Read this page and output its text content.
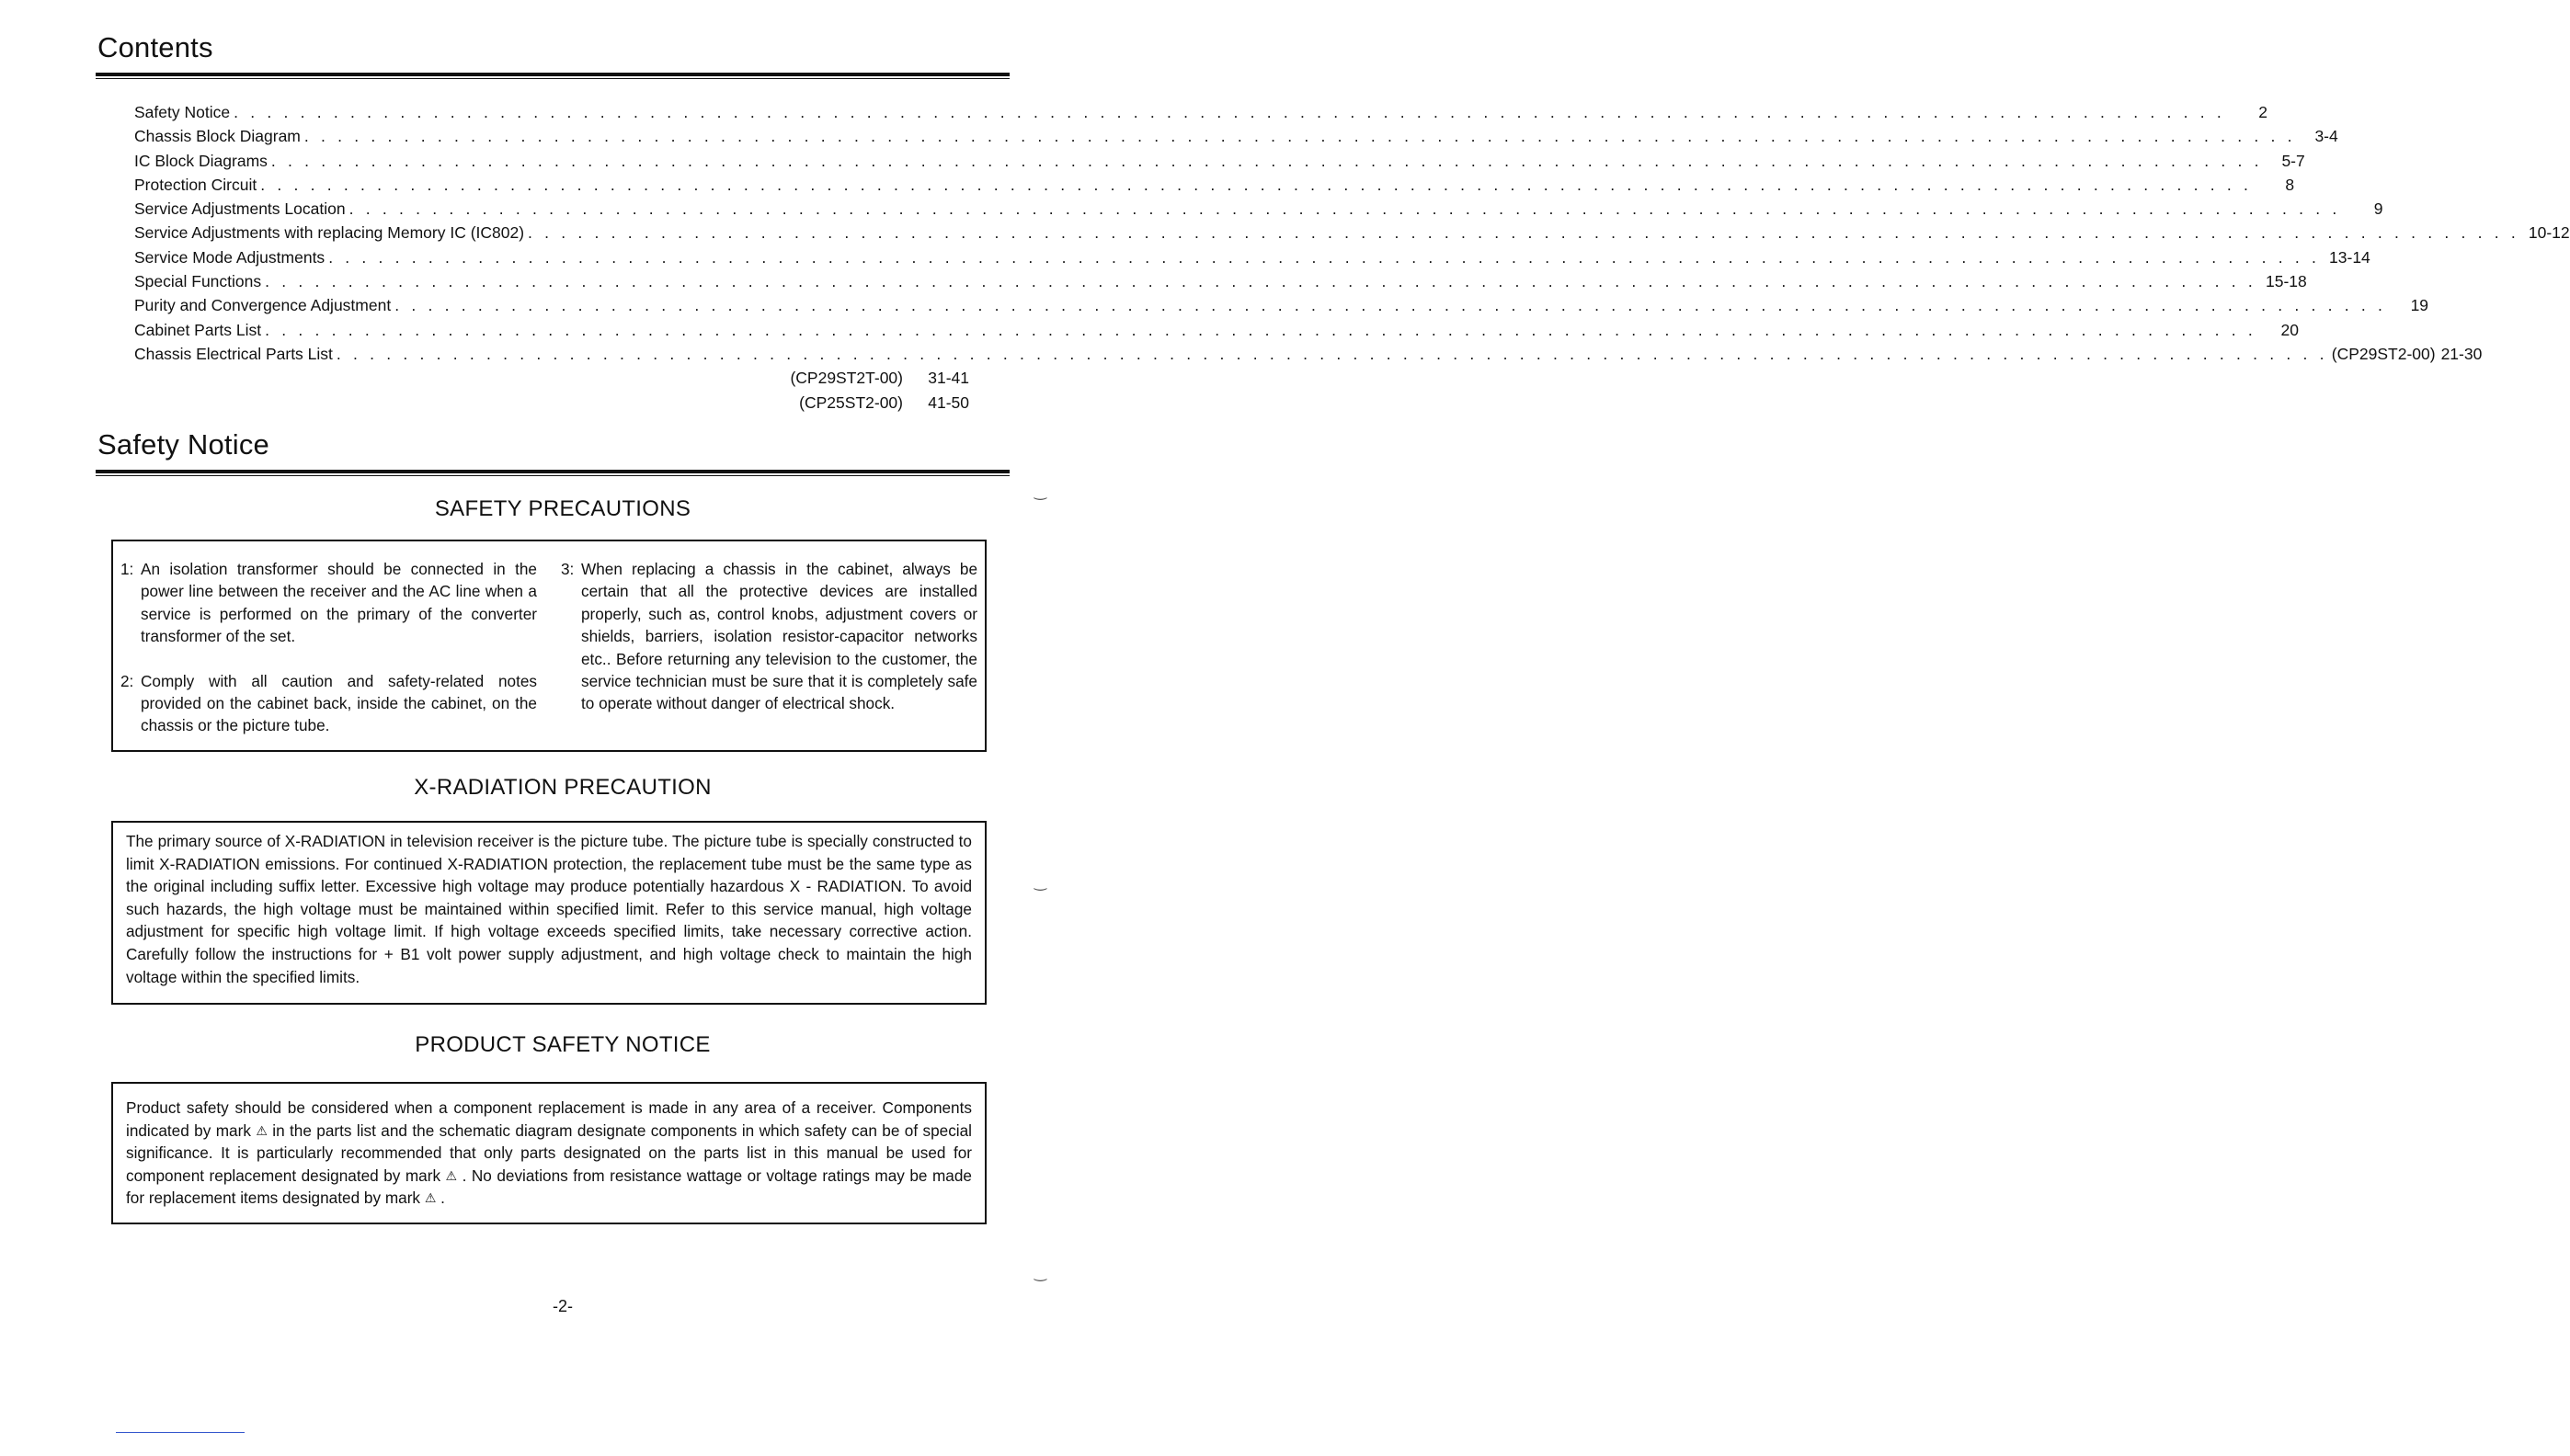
Contents
Safety Notice . . . . . . . . . . . . . . . . . . . . . . . . . . . . . . . . . . . . . . . . . . . . . . . . . . . . . . . . . . . . . . . . . . . . . . . . . . . . . . . . . . . . . . . . . . . . . . . . . . . . . . . . . . . . . . . . . . . . . . . .	2
Chassis Block Diagram . . . . . . . . . . . . . . . . . . . . . . . . . . . . . . . . . . . . . . . . . . . . . . . . . . . . . . . . . . . . . . . . . . . . . . . . . . . . . . . . . . . . . . . . . . . . . . . . . . . . . . . . . . . . . . . . . . . . . . . .	3-4
IC Block Diagrams . . . . . . . . . . . . . . . . . . . . . . . . . . . . . . . . . . . . . . . . . . . . . . . . . . . . . . . . . . . . . . . . . . . . . . . . . . . . . . . . . . . . . . . . . . . . . . . . . . . . . . . . . . . . . . . . . . . . . . . .	5-7
Protection Circuit . . . . . . . . . . . . . . . . . . . . . . . . . . . . . . . . . . . . . . . . . . . . . . . . . . . . . . . . . . . . . . . . . . . . . . . . . . . . . . . . . . . . . . . . . . . . . . . . . . . . . . . . . . . . . . . . . . . . . . . .	8
Service Adjustments Location . . . . . . . . . . . . . . . . . . . . . . . . . . . . . . . . . . . . . . . . . . . . . . . . . . . . . . . . . . . . . . . . . . . . . . . . . . . . . . . . . . . . . . . . . . . . . . . . . . . . . . . . . . . . . . . . . . . . . . . .	9
Service Adjustments with replacing Memory IC (IC802) . . . . . . . . . . . . . . . . . . . . . . . . . . . . . . . . . . . . . . . . . . . . . . . . . . . . . . . . . . . . . . . . . . . . . . . . . . . . . . . . . . . . . . . . . . . . . . . . . . . . . . . . . . . . . . . . . . . . . . . . 10-12
Service Mode Adjustments . . . . . . . . . . . . . . . . . . . . . . . . . . . . . . . . . . . . . . . . . . . . . . . . . . . . . . . . . . . . . . . . . . . . . . . . . . . . . . . . . . . . . . . . . . . . . . . . . . . . . . . . . . . . . . . . . . . . . . . . 13-14
Special Functions . . . . . . . . . . . . . . . . . . . . . . . . . . . . . . . . . . . . . . . . . . . . . . . . . . . . . . . . . . . . . . . . . . . . . . . . . . . . . . . . . . . . . . . . . . . . . . . . . . . . . . . . . . . . . . . . . . . . . . . . 15-18
Purity and Convergence Adjustment . . . . . . . . . . . . . . . . . . . . . . . . . . . . . . . . . . . . . . . . . . . . . . . . . . . . . . . . . . . . . . . . . . . . . . . . . . . . . . . . . . . . . . . . . . . . . . . . . . . . . . . . . . . . . . . . . . . . . . . .	19
Cabinet Parts List . . . . . . . . . . . . . . . . . . . . . . . . . . . . . . . . . . . . . . . . . . . . . . . . . . . . . . . . . . . . . . . . . . . . . . . . . . . . . . . . . . . . . . . . . . . . . . . . . . . . . . . . . . . . . . . . . . . . . . . .	20
Chassis Electrical Parts List . . . . . . . . . . . . . . . . . . . . . . . . . . . . . . . . . . . . . . . . . . . . . . . . . . . . . . . . . . . . . . . . . . . . . . . . . . . . . . . . . . . . . . . . . . . . . . . . . . . . . . . . . . . . . . . . . . . . . . . . (CP29ST2-00) 21-30
(CP29ST2T-00)	31-41
(CP25ST2-00)	41-50
Safety Notice
SAFETY PRECAUTIONS
1: An isolation transformer should be connected in the power line between the receiver and the AC line when a service is performed on the primary of the converter transformer of the set.

2: Comply with all caution and safety-related notes provided on the cabinet back, inside the cabinet, on the chassis or the picture tube.

3: When replacing a chassis in the cabinet, always be certain that all the protective devices are installed properly, such as, control knobs, adjustment covers or shields, barriers, isolation resistor-capacitor networks etc.. Before returning any television to the customer, the service technician must be sure that it is completely safe to operate without danger of electrical shock.

X-RADIATION PRECAUTION

The primary source of X-RADIATION in television receiver is the picture tube. The picture tube is specially constructed to limit X-RADIATION emissions. For continued X-RADIATION protection, the replacement tube must be the same type as the original including suffix letter. Excessive high voltage may produce potentially hazardous X - RADIATION. To avoid such hazards, the high voltage must be maintained within specified limit. Refer to this service manual, high voltage adjustment for specific high voltage limit. If high voltage exceeds specified limits, take necessary corrective action. Carefully follow the instructions for + B1 volt power supply adjustment, and high voltage check to maintain the high voltage within the specified limits.

PRODUCT SAFETY NOTICE

Product safety should be considered when a component replacement is made in any area of a receiver. Components indicated by mark ⚠ in the parts list and the schematic diagram designate components in which safety can be of special significance. It is particularly recommended that only parts designated on the parts list in this manual be used for component replacement designated by mark ⚠ . No deviations from resistance wattage or voltage ratings may be made for replacement items designated by mark ⚠ .

-2-
‿
‿
‿
